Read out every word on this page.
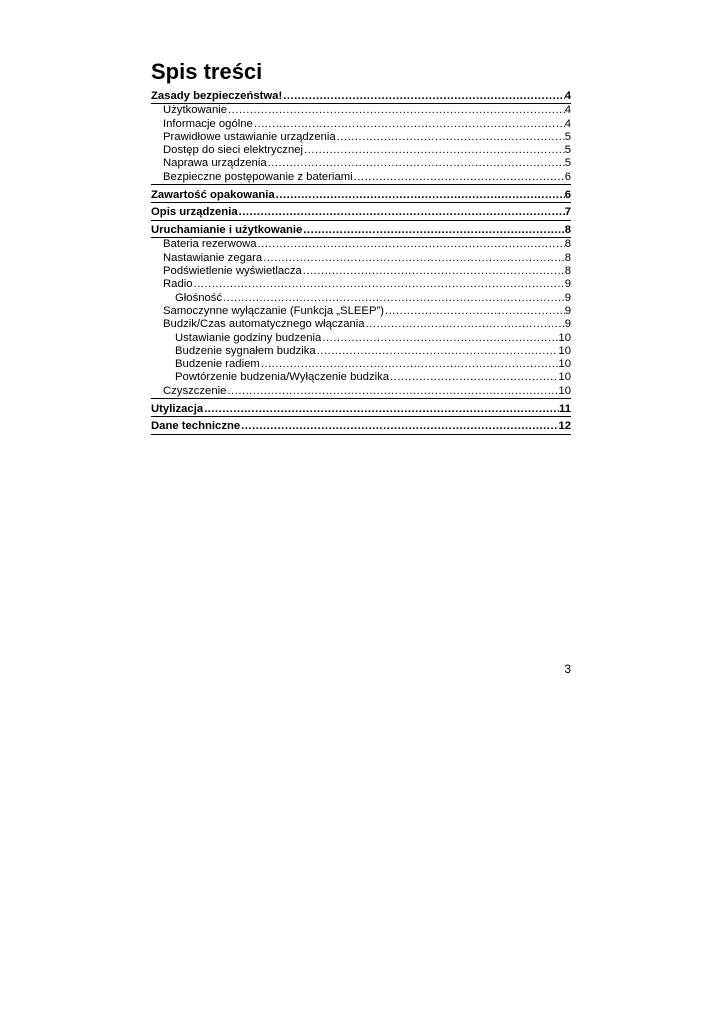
Spis treści
Zasady bezpieczeństwa! .....	4
Użytkowanie .....	4
Informacje ogólne .....	4
Prawidłowe ustawianie urządzenia .....	5
Dostęp do sieci elektrycznej .....	5
Naprawa urządzenia .....	5
Bezpieczne postępowanie z bateriami .....	6
Zawartość opakowania .....	6
Opis urządzenia .....	7
Uruchamianie i użytkowanie .....	8
Bateria rezerwowa .....	8
Nastawianie zegara .....	8
Podświetlenie wyświetlacza .....	8
Radio .....	9
Głośność .....	9
Samoczynne wyłączanie (Funkcja „SLEEP”) .....	9
Budzik/Czas automatycznego włączania .....	9
Ustawianie godziny budzenia .....	10
Budzenie sygnałem budzika .....	10
Budzenie radiem .....	10
Powtórzenie budzenia/Wyłączenie budzika .....	10
Czyszczenie .....	10
Utylizacja .....	11
Dane techniczne .....	12
3
